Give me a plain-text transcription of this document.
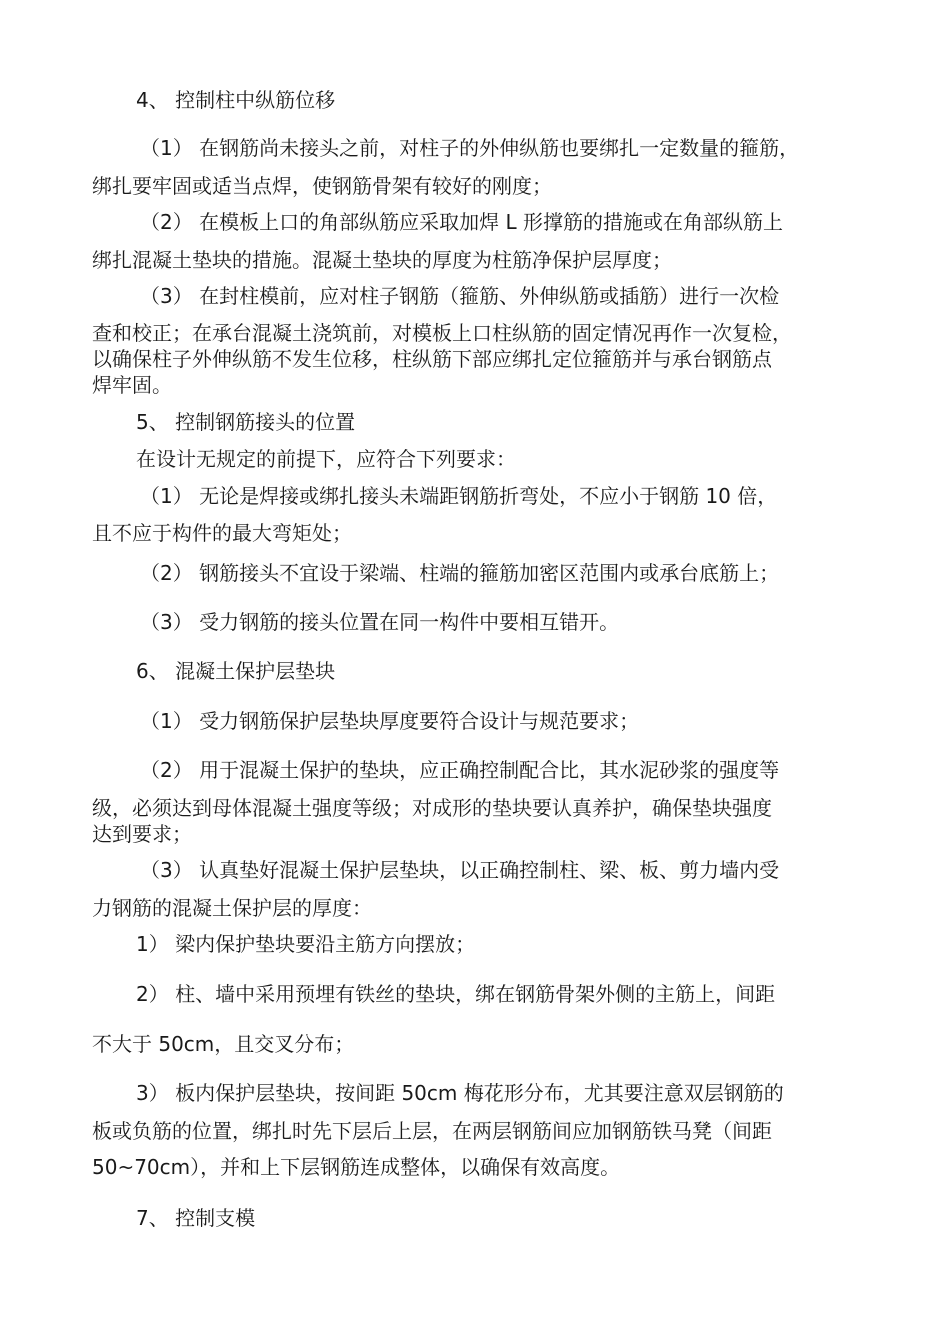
4、 控制柱中纵筋位移
（1） 在钢筋尚未接头之前，对柱子的外伸纵筋也要绑扎一定数量的箍筋，
绑扎要牢固或适当点焊，使钢筋骨架有较好的刚度；
（2） 在模板上口的角部纵筋应采取加焊 L 形撑筋的措施或在角部纵筋上
绑扎混凝土垫块的措施。混凝土垫块的厚度为柱筋净保护层厚度；
（3） 在封柱模前，应对柱子钢筋（箍筋、外伸纵筋或插筋）进行一次检
查和校正；在承台混凝土浇筑前，对模板上口柱纵筋的固定情况再作一次复检，
以确保柱子外伸纵筋不发生位移，柱纵筋下部应绑扎定位箍筋并与承台钢筋点
焊牢固。
5、 控制钢筋接头的位置
在设计无规定的前提下，应符合下列要求：
（1） 无论是焊接或绑扎接头未端距钢筋折弯处，不应小于钢筋 10 倍，
且不应于构件的最大弯矩处；
（2） 钢筋接头不宜设于梁端、柱端的箍筋加密区范围内或承台底筋上；
（3） 受力钢筋的接头位置在同一构件中要相互错开。
6、 混凝土保护层垫块
（1） 受力钢筋保护层垫块厚度要符合设计与规范要求；
（2） 用于混凝土保护的垫块，应正确控制配合比，其水泥砂浆的强度等
级，必须达到母体混凝土强度等级；对成形的垫块要认真养护，确保垫块强度
达到要求；
（3） 认真垫好混凝土保护层垫块，以正确控制柱、梁、板、剪力墙内受
力钢筋的混凝土保护层的厚度：
1） 梁内保护垫块要沿主筋方向摆放；
2） 柱、墙中采用预埋有铁丝的垫块，绑在钢筋骨架外侧的主筋上，间距
不大于 50cm，且交叉分布；
3） 板内保护层垫块，按间距 50cm 梅花形分布，尤其要注意双层钢筋的
板或负筋的位置，绑扎时先下层后上层，在两层钢筋间应加钢筋铁马凳（间距
50~70cm），并和上下层钢筋连成整体，以确保有效高度。
7、 控制支模
